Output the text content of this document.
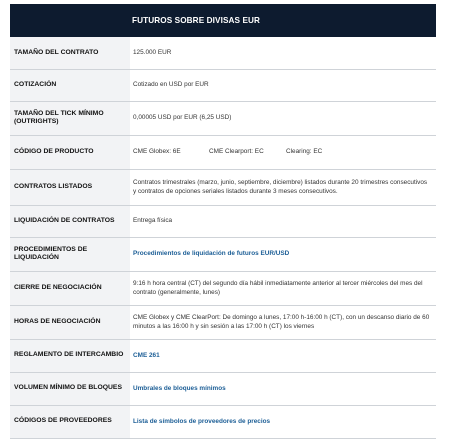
FUTUROS SOBRE DIVISAS EUR	
TAMAÑO DEL CONTRATO	125.000 EUR
COTIZACIÓN	Cotizado en USD por EUR
TAMAÑO DEL TICK MÍNIMO (OUTRIGHTS)	0,00005 USD por EUR (6,25 USD)
CÓDIGO DE PRODUCTO	CME Globex: 6E CME Clearport: EC Clearing: EC

CONTRATOS LISTADOS	Contratos trimestrales (marzo, junio, septiembre, diciembre) listados durante 20 trimestres consecutivos y contratos de opciones seriales listados durante 3 meses consecutivos.
LIQUIDACIÓN DE CONTRATOS	Entrega física
PROCEDIMIENTOS DE LIQUIDACIÓN	Procedimientos de liquidación de futuros EUR/USD
CIERRE DE NEGOCIACIÓN	9:16 h hora central (CT) del segundo día hábil inmediatamente anterior al tercer miércoles del mes del contrato (generalmente, lunes)
HORAS DE NEGOCIACIÓN	CME Globex y CME ClearPort: De domingo a lunes, 17:00 h-16:00 h (CT), con un descanso diario de 60 minutos a las 16:00 h y sin sesión a las 17:00 h (CT) los viernes
REGLAMENTO DE INTERCAMBIO	CME 261
VOLUMEN MÍNIMO DE BLOQUES	Umbrales de bloques mínimos
CÓDIGOS DE PROVEEDORES	Lista de símbolos de proveedores de precios
